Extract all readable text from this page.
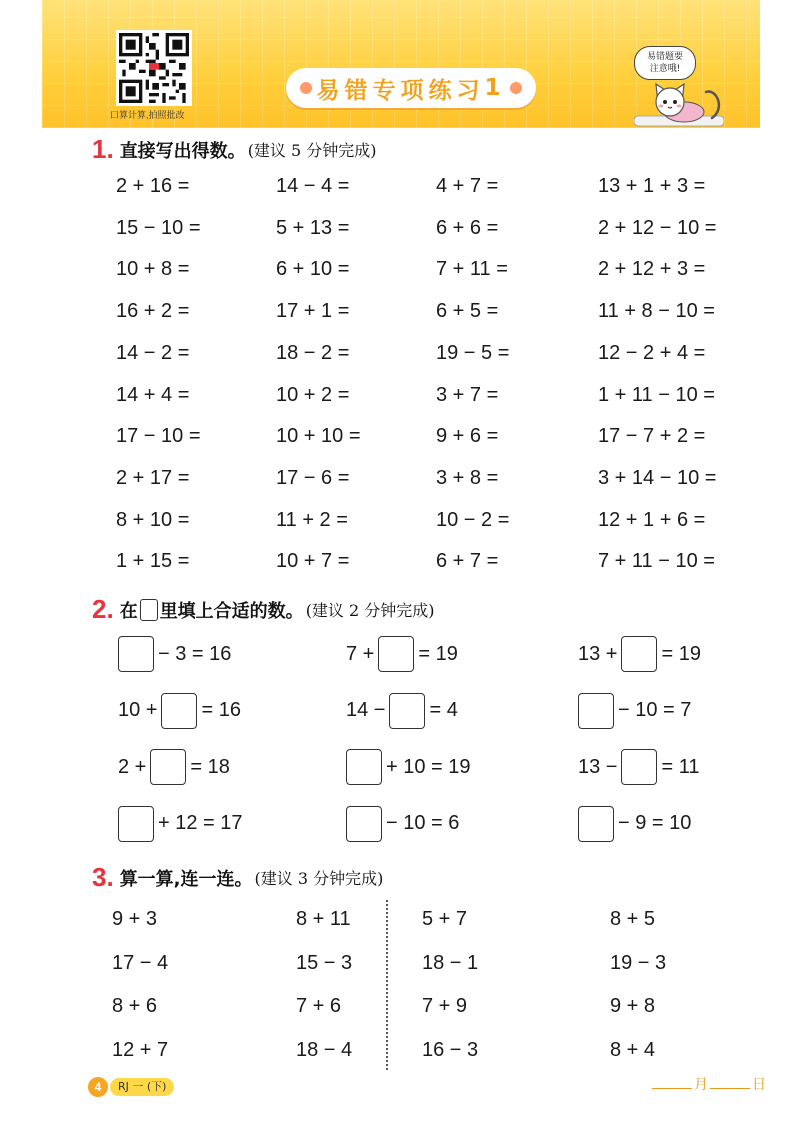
口算计算,拍照批改
易错专项练习 1
易错题要
注意哦!
1. 直接写出得数。 (建议 5 分钟完成)
2 + 16 =	14 − 4 =	4 + 7 =	13 + 1 + 3 =
15 − 10 =	5 + 13 =	6 + 6 =	2 + 12 − 10 =
10 + 8 =	6 + 10 =	7 + 11 =	2 + 12 + 3 =
16 + 2 =	17 + 1 =	6 + 5 =	11 + 8 − 10 =
14 − 2 =	18 − 2 =	19 − 5 =	12 − 2 + 4 =
14 + 4 =	10 + 2 =	3 + 7 =	1 + 11 − 10 =
17 − 10 =	10 + 10 =	9 + 6 =	17 − 7 + 2 =
2 + 17 =	17 − 6 =	3 + 8 =	3 + 14 − 10 =
8 + 10 =	11 + 2 =	10 − 2 =	12 + 1 + 6 =
1 + 15 =	10 + 7 =	6 + 7 =	7 + 11 − 10 =
2. 在 里填上合适的数。 (建议 2 分钟完成)
− 3 = 16	7 + = 19	13 + = 19
10 + = 16	14 − = 4	− 10 = 7
2 + = 18	+ 10 = 19	13 − = 11
+ 12 = 17	− 10 = 6	− 9 = 10
3. 算一算,连一连。 (建议 3 分钟完成)
9 + 3	8 + 11	5 + 7	8 + 5
17 − 4	15 − 3	18 − 1	19 − 3
8 + 6	7 + 6	7 + 9	9 + 8
12 + 7	18 − 4	16 − 3	8 + 4
4	RJ 一 (下)	月	日
